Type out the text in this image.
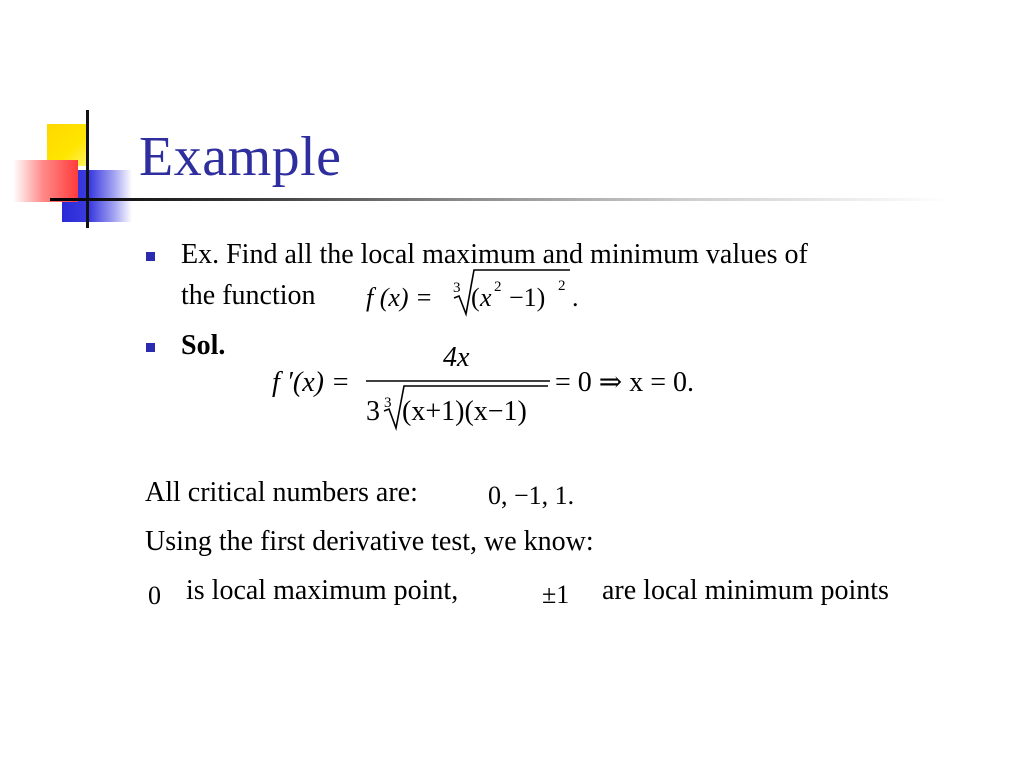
Example
Ex. Find all the local maximum and minimum values of
the function f (x) = 3 ( x 2 −1) 2 .
Sol.
f ′(x) =
4x
3 3 (x+1)(x−1)
= 0 ⇒ x = 0.
All critical numbers are:	0, −1, 1.
Using the first derivative test, we know:
0 is local maximum point,	±1 are local minimum points
